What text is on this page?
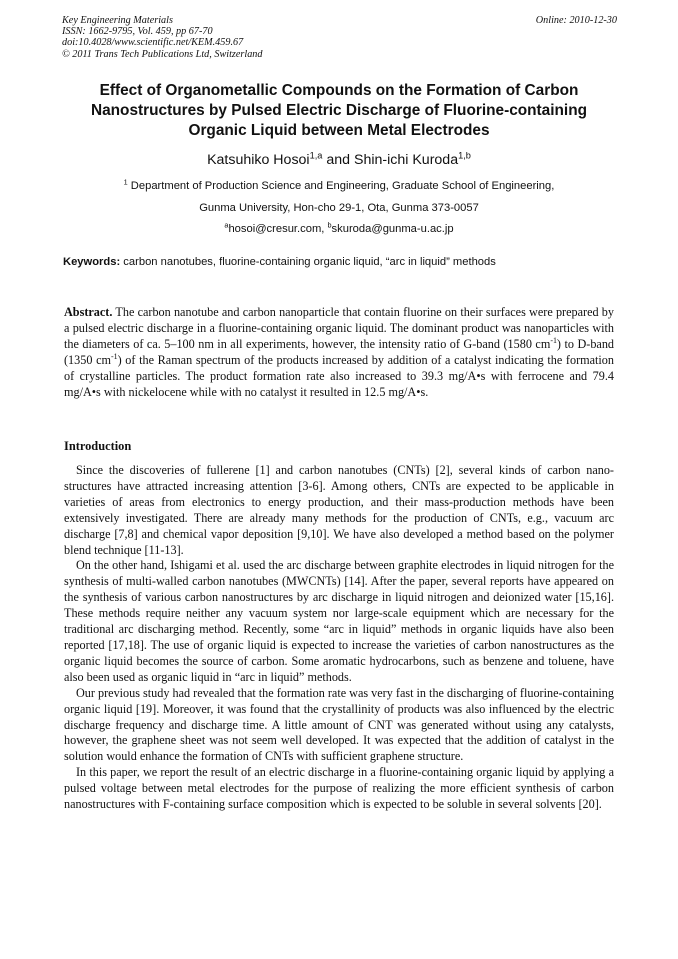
Key Engineering Materials
ISSN: 1662-9795, Vol. 459, pp 67-70
doi:10.4028/www.scientific.net/KEM.459.67
© 2011 Trans Tech Publications Ltd, Switzerland
Online: 2010-12-30
Effect of Organometallic Compounds on the Formation of Carbon
Nanostructures by Pulsed Electric Discharge of Fluorine-containing
Organic Liquid between Metal Electrodes
Katsuhiko Hosoi$^{1,a}$ and Shin-ichi Kuroda$^{1,b}$
$^1$ Department of Production Science and Engineering, Graduate School of Engineering,
Gunma University, Hon-cho 29-1, Ota, Gunma 373-0057
$^a$hosoi@cresur.com, $^b$skuroda@gunma-u.ac.jp
Keywords: carbon nanotubes, fluorine-containing organic liquid, “arc in liquid” methods
Abstract. The carbon nanotube and carbon nanoparticle that contain fluorine on their surfaces were prepared by a pulsed electric discharge in a fluorine-containing organic liquid. The dominant product was nanoparticles with the diameters of ca. 5–100 nm in all experiments, however, the intensity ratio of G-band (1580 $cm^{-1}$) to D-band (1350 $cm^{-1}$) of the Raman spectrum of the products increased by addition of a catalyst indicating the formation of crystalline particles. The product formation rate also increased to 39.3 mg/A•s with ferrocene and 79.4 mg/A•s with nickelocene while with no catalyst it resulted in 12.5 mg/A•s.
Introduction

Since the discoveries of fullerene [1] and carbon nanotubes (CNTs) [2], several kinds of carbon nano-structures have attracted increasing attention [3-6]. Among others, CNTs are expected to be applicable in varieties of areas from electronics to energy production, and their mass-production methods have been extensively investigated. There are already many methods for the production of CNTs, e.g., vacuum arc discharge [7,8] and chemical vapor deposition [9,10]. We have also developed a method based on the polymer blend technique [11-13].

On the other hand, Ishigami et al. used the arc discharge between graphite electrodes in liquid nitrogen for the synthesis of multi-walled carbon nanotubes (MWCNTs) [14]. After the paper, several reports have appeared on the synthesis of various carbon nanostructures by arc discharge in liquid nitrogen and deionized water [15,16]. These methods require neither any vacuum system nor large-scale equipment which are necessary for the traditional arc discharging method. Recently, some “arc in liquid” methods in organic liquids have also been reported [17,18]. The use of organic liquid is expected to increase the varieties of carbon nanostructures as the organic liquid becomes the source of carbon. Some aromatic hydrocarbons, such as benzene and toluene, have also been used as organic liquid in “arc in liquid” methods.

Our previous study had revealed that the formation rate was very fast in the discharging of fluorine-containing organic liquid [19]. Moreover, it was found that the crystallinity of products was also influenced by the electric discharge frequency and discharge time. A little amount of CNT was generated without using any catalysts, however, the graphene sheet was not seem well developed. It was expected that the addition of catalyst in the solution would enhance the formation of CNTs with sufficient graphene structure.

In this paper, we report the result of an electric discharge in a fluorine-containing organic liquid by applying a pulsed voltage between metal electrodes for the purpose of realizing the more efficient synthesis of carbon nanostructures with F-containing surface composition which is expected to be soluble in several solvents [20].
